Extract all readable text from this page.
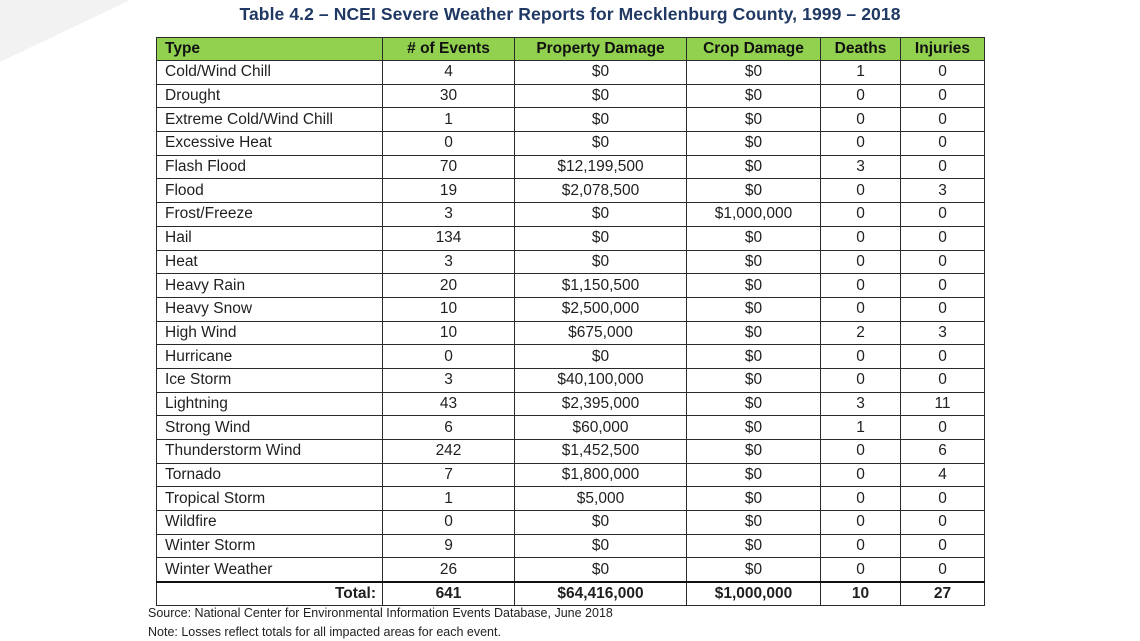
Table 4.2 – NCEI Severe Weather Reports for Mecklenburg County, 1999 – 2018
Type	# of Events	Property Damage	Crop Damage	Deaths	Injuries
Cold/Wind Chill	4	$0	$0	1	0
Drought	30	$0	$0	0	0
Extreme Cold/Wind Chill	1	$0	$0	0	0
Excessive Heat	0	$0	$0	0	0
Flash Flood	70	$12,199,500	$0	3	0
Flood	19	$2,078,500	$0	0	3
Frost/Freeze	3	$0	$1,000,000	0	0
Hail	134	$0	$0	0	0
Heat	3	$0	$0	0	0
Heavy Rain	20	$1,150,500	$0	0	0
Heavy Snow	10	$2,500,000	$0	0	0
High Wind	10	$675,000	$0	2	3
Hurricane	0	$0	$0	0	0
Ice Storm	3	$40,100,000	$0	0	0
Lightning	43	$2,395,000	$0	3	11
Strong Wind	6	$60,000	$0	1	0
Thunderstorm Wind	242	$1,452,500	$0	0	6
Tornado	7	$1,800,000	$0	0	4
Tropical Storm	1	$5,000	$0	0	0
Wildfire	0	$0	$0	0	0
Winter Storm	9	$0	$0	0	0
Winter Weather	26	$0	$0	0	0
Total:	641	$64,416,000	$1,000,000	10	27
Source: National Center for Environmental Information Events Database, June 2018
Note: Losses reflect totals for all impacted areas for each event.
